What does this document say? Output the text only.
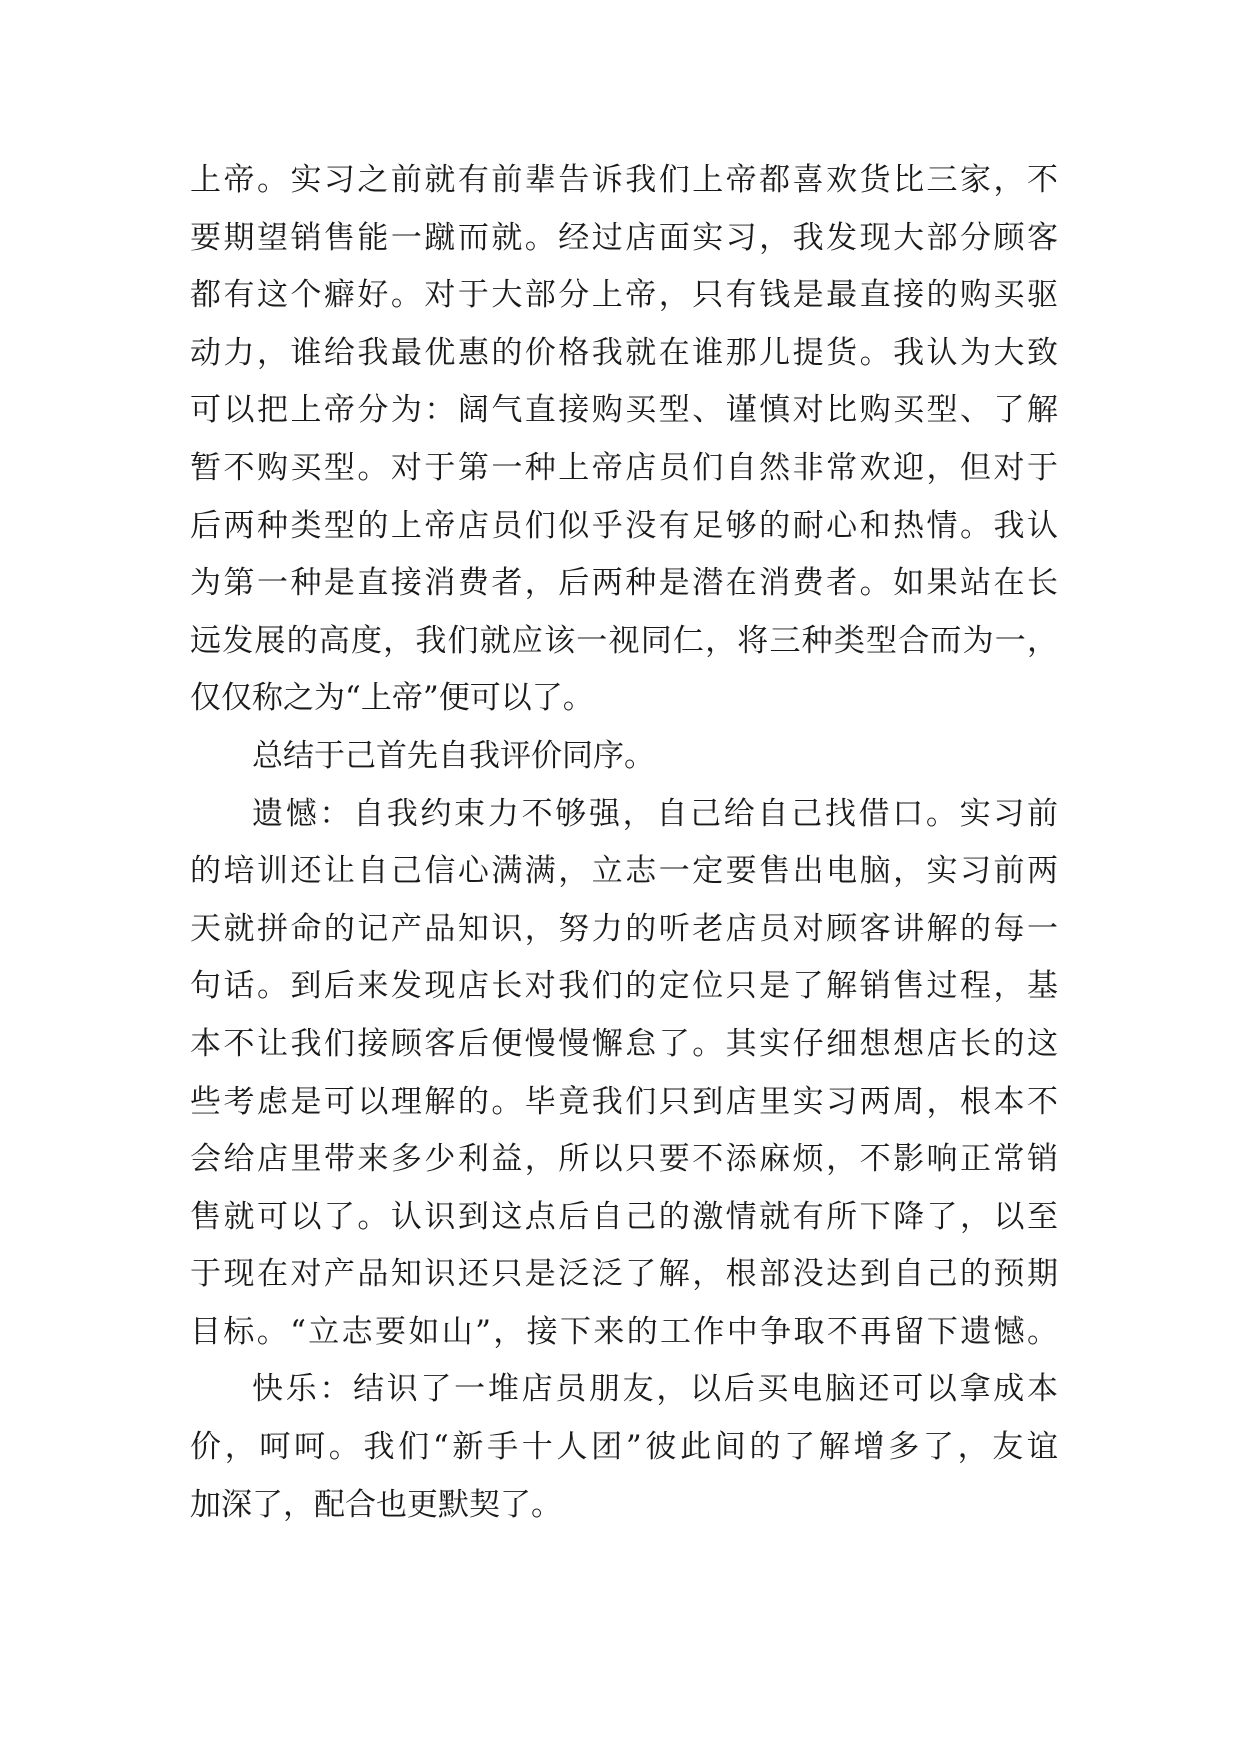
上帝。实习之前就有前辈告诉我们上帝都喜欢货比三家，不
要期望销售能一蹴而就。经过店面实习，我发现大部分顾客
都有这个癖好。对于大部分上帝，只有钱是最直接的购买驱
动力，谁给我最优惠的价格我就在谁那儿提货。我认为大致
可以把上帝分为：阔气直接购买型、谨慎对比购买型、了解
暂不购买型。对于第一种上帝店员们自然非常欢迎，但对于
后两种类型的上帝店员们似乎没有足够的耐心和热情。我认
为第一种是直接消费者，后两种是潜在消费者。如果站在长
远发展的高度，我们就应该一视同仁，将三种类型合而为一，
仅仅称之为“上帝”便可以了。
总结于己首先自我评价同序。
遗憾：自我约束力不够强，自己给自己找借口。实习前
的培训还让自己信心满满，立志一定要售出电脑，实习前两
天就拼命的记产品知识，努力的听老店员对顾客讲解的每一
句话。到后来发现店长对我们的定位只是了解销售过程，基
本不让我们接顾客后便慢慢懈怠了。其实仔细想想店长的这
些考虑是可以理解的。毕竟我们只到店里实习两周，根本不
会给店里带来多少利益，所以只要不添麻烦，不影响正常销
售就可以了。认识到这点后自己的激情就有所下降了，以至
于现在对产品知识还只是泛泛了解，根部没达到自己的预期
目标。“立志要如山”，接下来的工作中争取不再留下遗憾。
快乐：结识了一堆店员朋友，以后买电脑还可以拿成本
价，呵呵。我们“新手十人团”彼此间的了解增多了，友谊
加深了，配合也更默契了。
